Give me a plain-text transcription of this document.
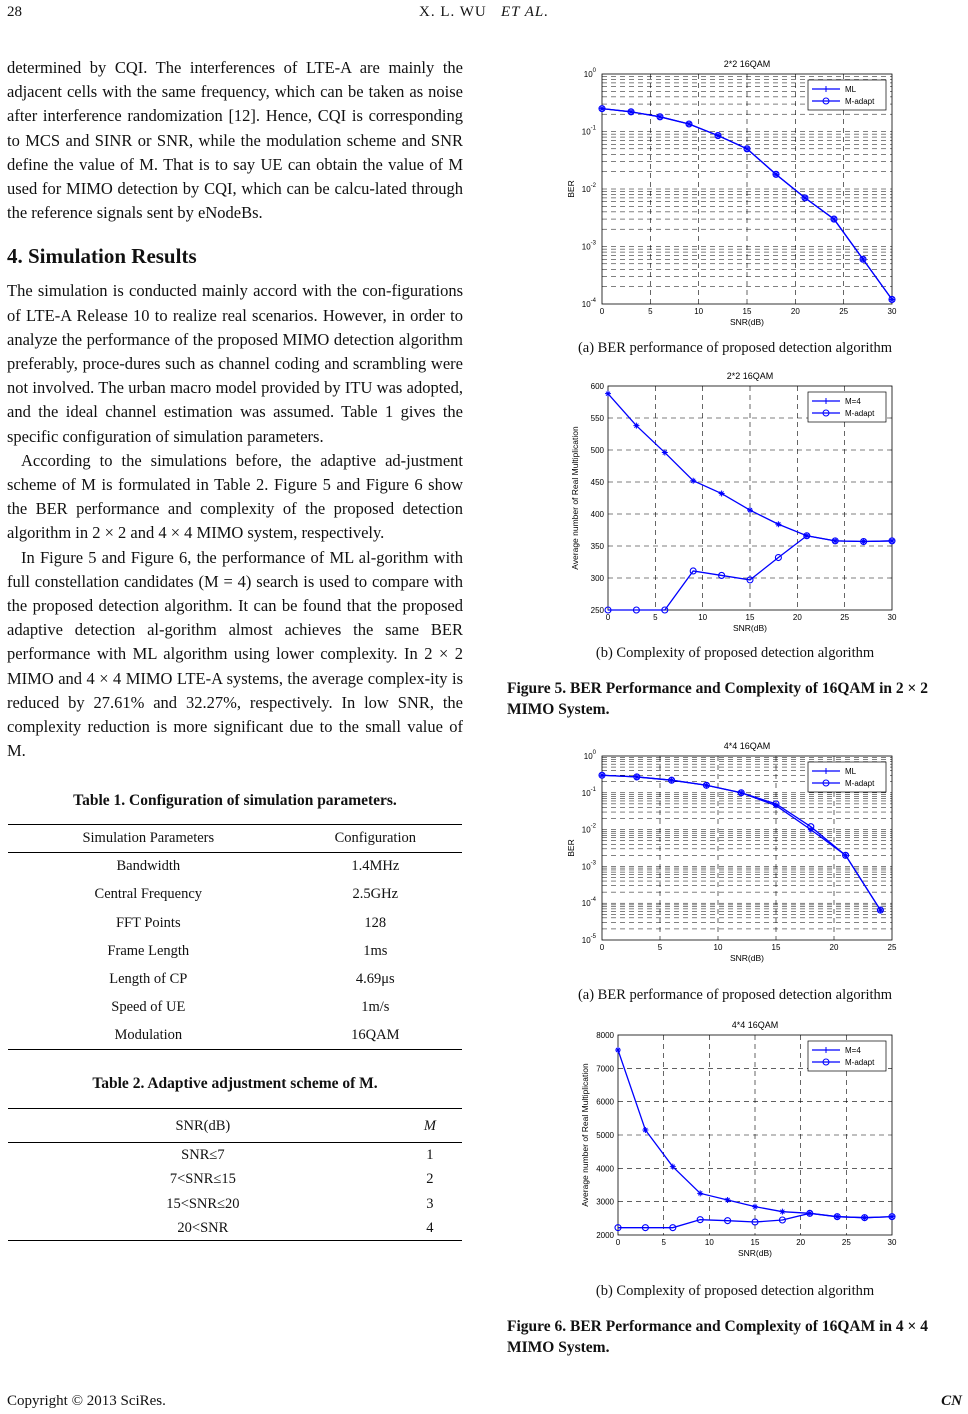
28	X. L. WU ET AL.

determined by CQI. The interferences of LTE-A are mainly the adjacent cells with the same frequency, which can be taken as noise after interference randomization [12]. Hence, CQI is corresponding to MCS and SINR or SNR, while the modulation scheme and SNR define the value of M. That is to say UE can obtain the value of M used for MIMO detection by CQI, which can be calcu-lated through the reference signals sent by eNodeBs.

4. Simulation Results

The simulation is conducted mainly accord with the con-figurations of LTE-A Release 10 to realize real scenarios. However, in order to analyze the performance of the proposed MIMO detection algorithm preferably, proce-dures such as channel coding and scrambling were not involved. The urban macro model provided by ITU was adopted, and the ideal channel estimation was assumed. Table 1 gives the specific configuration of simulation parameters.

According to the simulations before, the adaptive ad-justment scheme of M is formulated in Table 2. Figure 5 and Figure 6 show the BER performance and complexity of the proposed detection algorithm in 2 × 2 and 4 × 4 MIMO system, respectively.

In Figure 5 and Figure 6, the performance of ML al-gorithm with full constellation candidates (M = 4) search is used to compare with the proposed detection algorithm. It can be found that the proposed adaptive detection al-gorithm almost achieves the same BER performance with ML algorithm using lower complexity. In 2 × 2 MIMO and 4 × 4 MIMO LTE-A systems, the average complex-ity is reduced by 27.61% and 32.27%, respectively. In low SNR, the complexity reduction is more significant due to the small value of M.

Table 1. Configuration of simulation parameters.
Simulation Parameters	Configuration
Bandwidth	1.4MHz
Central Frequency	2.5GHz
FFT Points	128
Frame Length	1ms
Length of CP	4.69μs
Speed of UE	1m/s
Modulation	16QAM
Table 2. Adaptive adjustment scheme of M.
SNR(dB)	M
SNR≤7	1
7<SNR≤15	2
15<SNR≤20	3
20<SNR	4
2*2 16QAM
0	5	10	15	20	25	30
$10^0$
$10^{-1}$
$10^{-2}$
$10^{-3}$
$10^{-4}$
SNR(dB)
BER
ML
M-adapt
(a) BER performance of proposed detection algorithm
2*2 16QAM
0	5	10	15	20	25	30
600
550
500
450
400
350
300
250
SNR(dB)
Average number of Real Multiplication
M=4
M-adapt
(b) Complexity of proposed detection algorithm
Figure 5. BER Performance and Complexity of 16QAM in 2 × 2 MIMO System.
4*4 16QAM
0	5	10	15	20	25
$10^0$
$10^{-1}$
$10^{-2}$
$10^{-3}$
$10^{-4}$
$10^{-5}$
SNR(dB)
BER
ML
M-adapt
(a) BER performance of proposed detection algorithm
4*4 16QAM
0	5	10	15	20	25	30
8000
7000
6000
5000
4000
3000
2000
SNR(dB)
Average number of Real Multiplication
M=4
M-adapt
(b) Complexity of proposed detection algorithm
Figure 6. BER Performance and Complexity of 16QAM in 4 × 4 MIMO System.
Copyright © 2013 SciRes.	CN
